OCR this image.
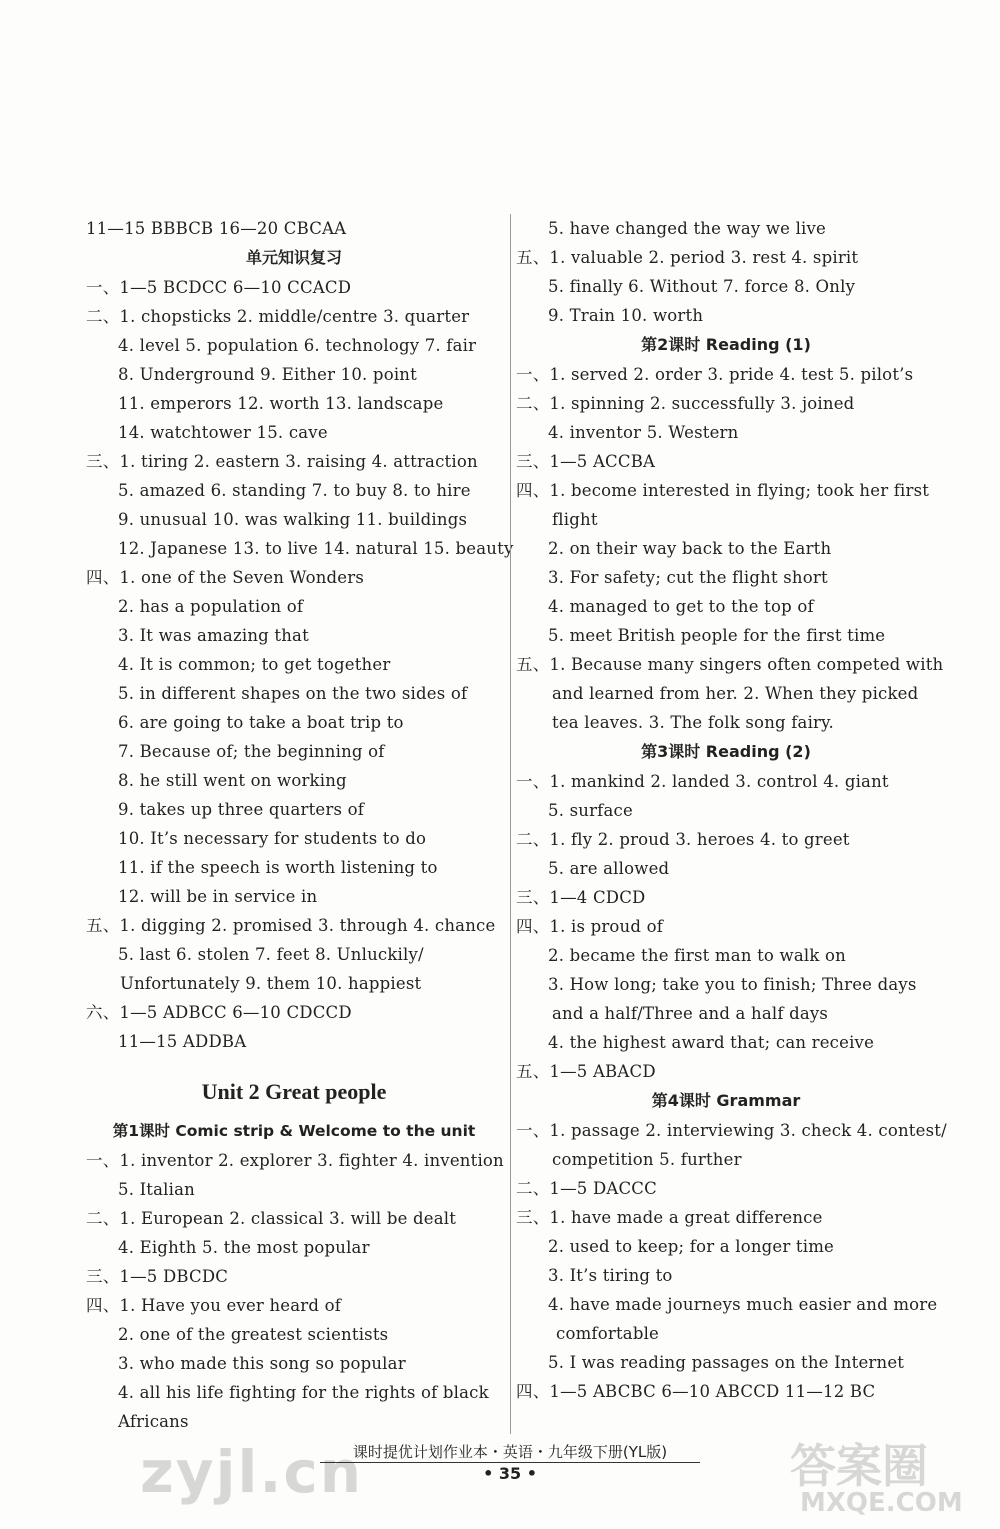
11—15 BBBCB 16—20 CBCAA
单元知识复习
一、1—5 BCDCC 6—10 CCACD
二、1. chopsticks 2. middle/centre 3. quarter
4. level 5. population 6. technology 7. fair
8. Underground 9. Either 10. point
11. emperors 12. worth 13. landscape
14. watchtower 15. cave
三、1. tiring 2. eastern 3. raising 4. attraction
5. amazed 6. standing 7. to buy 8. to hire
9. unusual 10. was walking 11. buildings
12. Japanese 13. to live 14. natural 15. beauty
四、1. one of the Seven Wonders
2. has a population of
3. It was amazing that
4. It is common; to get together
5. in different shapes on the two sides of
6. are going to take a boat trip to
7. Because of; the beginning of
8. he still went on working
9. takes up three quarters of
10. It’s necessary for students to do
11. if the speech is worth listening to
12. will be in service in
五、1. digging 2. promised 3. through 4. chance
5. last 6. stolen 7. feet 8. Unluckily/
Unfortunately 9. them 10. happiest
六、1—5 ADBCC 6—10 CDCCD
11—15 ADDBA
Unit 2 Great people
第1课时 Comic strip & Welcome to the unit
一、1. inventor 2. explorer 3. fighter 4. invention
5. Italian
二、1. European 2. classical 3. will be dealt
4. Eighth 5. the most popular
三、1—5 DBCDC
四、1. Have you ever heard of
2. one of the greatest scientists
3. who made this song so popular
4. all his life fighting for the rights of black
Africans
5. have changed the way we live
五、1. valuable 2. period 3. rest 4. spirit
5. finally 6. Without 7. force 8. Only
9. Train 10. worth
第2课时 Reading (1)
一、1. served 2. order 3. pride 4. test 5. pilot’s
二、1. spinning 2. successfully 3. joined
4. inventor 5. Western
三、1—5 ACCBA
四、1. become interested in flying; took her first
flight
2. on their way back to the Earth
3. For safety; cut the flight short
4. managed to get to the top of
5. meet British people for the first time
五、1. Because many singers often competed with
and learned from her. 2. When they picked
tea leaves. 3. The folk song fairy.
第3课时 Reading (2)
一、1. mankind 2. landed 3. control 4. giant
5. surface
二、1. fly 2. proud 3. heroes 4. to greet
5. are allowed
三、1—4 CDCD
四、1. is proud of
2. became the first man to walk on
3. How long; take you to finish; Three days
and a half/Three and a half days
4. the highest award that; can receive
五、1—5 ABACD
第4课时 Grammar
一、1. passage 2. interviewing 3. check 4. contest/
competition 5. further
二、1—5 DACCC
三、1. have made a great difference
2. used to keep; for a longer time
3. It’s tiring to
4. have made journeys much easier and more
comfortable
5. I was reading passages on the Internet
四、1—5 ABCBC 6—10 ABCCD 11—12 BC
课时提优计划作业本・英语・九年级下册(YL版)
• 35 •
zyjl.cn	答案圈
MXQE.COM
